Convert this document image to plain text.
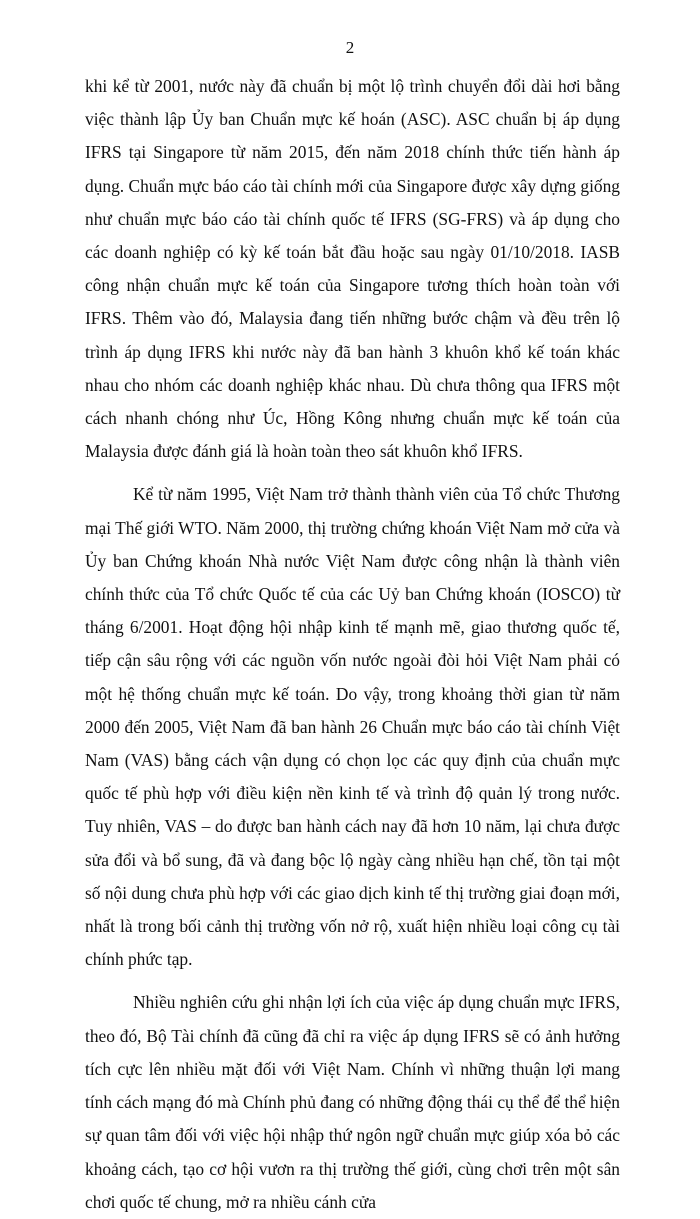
2

khi kể từ 2001, nước này đã chuẩn bị một lộ trình chuyển đổi dài hơi bằng việc thành lập Ủy ban Chuẩn mực kế hoán (ASC). ASC chuẩn bị áp dụng IFRS tại Singapore từ năm 2015, đến năm 2018 chính thức tiến hành áp dụng. Chuẩn mực báo cáo tài chính mới của Singapore được xây dựng giống như chuẩn mực báo cáo tài chính quốc tế IFRS (SG-FRS) và áp dụng cho các doanh nghiệp có kỳ kế toán bắt đầu hoặc sau ngày 01/10/2018. IASB công nhận chuẩn mực kế toán của Singapore tương thích hoàn toàn với IFRS. Thêm vào đó, Malaysia đang tiến những bước chậm và đều trên lộ trình áp dụng IFRS khi nước này đã ban hành 3 khuôn khổ kế toán khác nhau cho nhóm các doanh nghiệp khác nhau. Dù chưa thông qua IFRS một cách nhanh chóng như Úc, Hồng Kông nhưng chuẩn mực kế toán của Malaysia được đánh giá là hoàn toàn theo sát khuôn khổ IFRS.

Kể từ năm 1995, Việt Nam trở thành thành viên của Tổ chức Thương mại Thế giới WTO. Năm 2000, thị trường chứng khoán Việt Nam mở cửa và Ủy ban Chứng khoán Nhà nước Việt Nam được công nhận là thành viên chính thức của Tổ chức Quốc tế của các Uỷ ban Chứng khoán (IOSCO) từ tháng 6/2001. Hoạt động hội nhập kinh tế mạnh mẽ, giao thương quốc tế, tiếp cận sâu rộng với các nguồn vốn nước ngoài đòi hỏi Việt Nam phải có một hệ thống chuẩn mực kế toán. Do vậy, trong khoảng thời gian từ năm 2000 đến 2005, Việt Nam đã ban hành 26 Chuẩn mực báo cáo tài chính Việt Nam (VAS) bằng cách vận dụng có chọn lọc các quy định của chuẩn mực quốc tế phù hợp với điều kiện nền kinh tế và trình độ quản lý trong nước. Tuy nhiên, VAS – do được ban hành cách nay đã hơn 10 năm, lại chưa được sửa đổi và bổ sung, đã và đang bộc lộ ngày càng nhiều hạn chế, tồn tại một số nội dung chưa phù hợp với các giao dịch kinh tế thị trường giai đoạn mới, nhất là trong bối cảnh thị trường vốn nở rộ, xuất hiện nhiều loại công cụ tài chính phức tạp.

Nhiều nghiên cứu ghi nhận lợi ích của việc áp dụng chuẩn mực IFRS, theo đó, Bộ Tài chính đã cũng đã chỉ ra việc áp dụng IFRS sẽ có ảnh hưởng tích cực lên nhiều mặt đối với Việt Nam. Chính vì những thuận lợi mang tính cách mạng đó mà Chính phủ đang có những động thái cụ thể để thể hiện sự quan tâm đối với việc hội nhập thứ ngôn ngữ chuẩn mực giúp xóa bỏ các khoảng cách, tạo cơ hội vươn ra thị trường thế giới, cùng chơi trên một sân chơi quốc tế chung, mở ra nhiều cánh cửa
